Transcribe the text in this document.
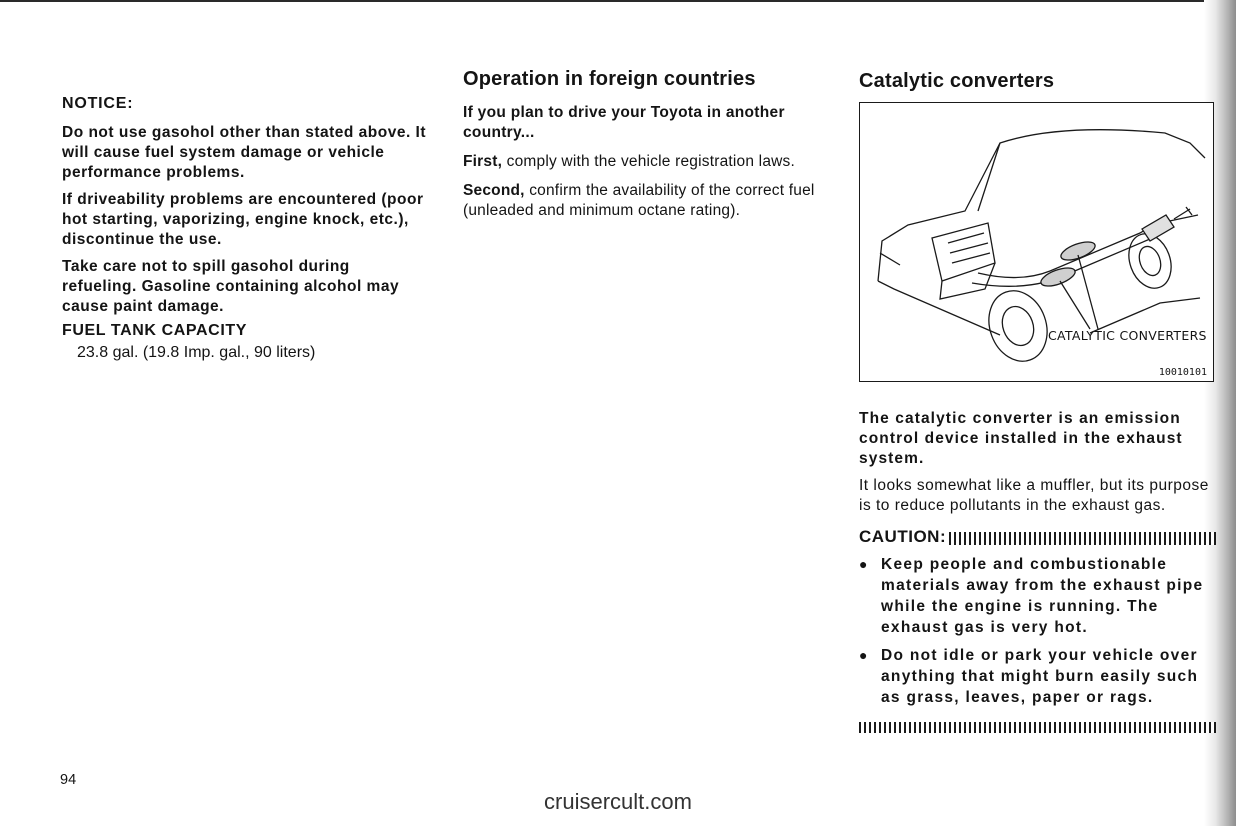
NOTICE:

Do not use gasohol other than stated above. It will cause fuel system damage or vehicle performance problems.

If driveability problems are encountered (poor hot starting, vaporizing, engine knock, etc.), discontinue the use.

Take care not to spill gasohol during refueling. Gasoline containing alcohol may cause paint damage.

FUEL TANK CAPACITY

23.8 gal. (19.8 Imp. gal., 90 liters)

Operation in foreign countries

If you plan to drive your Toyota in another country...

First, comply with the vehicle registration laws.

Second, confirm the availability of the correct fuel (unleaded and minimum octane rating).

CATALYTIC CONVERTERS
10010101
Catalytic converters

The catalytic converter is an emission control device installed in the exhaust system.

It looks somewhat like a muffler, but its purpose is to reduce pollutants in the exhaust gas.

CAUTION:
● Keep people and combustionable materials away from the exhaust pipe while the engine is running. The exhaust gas is very hot.
● Do not idle or park your vehicle over anything that might burn easily such as grass, leaves, paper or rags.
94
cruisercult.com
